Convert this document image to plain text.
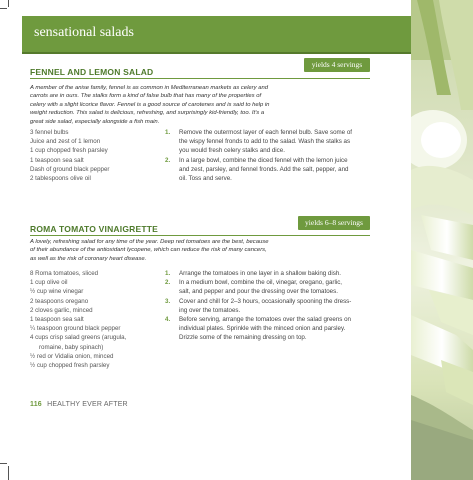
sensational salads
yields 4 servings
FENNEL AND LEMON SALAD
A member of the anise family, fennel is as common in Mediterranean markets as celery and
carrots are in ours. The stalks form a kind of false bulb that has many of the properties of
celery with a slight licorice flavor. Fennel is a good source of carotenes and is said to help in
weight reduction. This salad is delicious, refreshing, and surprisingly kid-friendly, too. It's a
great side salad, especially alongside a fish main.
3 fennel bulbs
Juice and zest of 1 lemon
1 cup chopped fresh parsley
1 teaspoon sea salt
Dash of ground black pepper
2 tablespoons olive oil
1. Remove the outermost layer of each fennel bulb. Save some of
the wispy fennel fronds to add to the salad. Wash the stalks as
you would fresh celery stalks and dice.
2. In a large bowl, combine the diced fennel with the lemon juice
and zest, parsley, and fennel fronds. Add the salt, pepper, and
oil. Toss and serve.
yields 6–8 servings
ROMA TOMATO VINAIGRETTE
A lovely, refreshing salad for any time of the year. Deep red tomatoes are the best, because
of their abundance of the antioxidant lycopene, which can reduce the risk of many cancers,
as well as the risk of coronary heart disease.
8 Roma tomatoes, sliced
1 cup olive oil
½ cup wine vinegar
2 teaspoons oregano
2 cloves garlic, minced
1 teaspoon sea salt
¼ teaspoon ground black pepper
4 cups crisp salad greens (arugula,
romaine, baby spinach)
½ red or Vidalia onion, minced
½ cup chopped fresh parsley
1. Arrange the tomatoes in one layer in a shallow baking dish.
2. In a medium bowl, combine the oil, vinegar, oregano, garlic,
salt, and pepper and pour the dressing over the tomatoes.
3. Cover and chill for 2–3 hours, occasionally spooning the dress-
ing over the tomatoes.
4. Before serving, arrange the tomatoes over the salad greens on
individual plates. Sprinkle with the minced onion and parsley.
Drizzle some of the remaining dressing on top.
116 HEALTHY EVER AFTER
